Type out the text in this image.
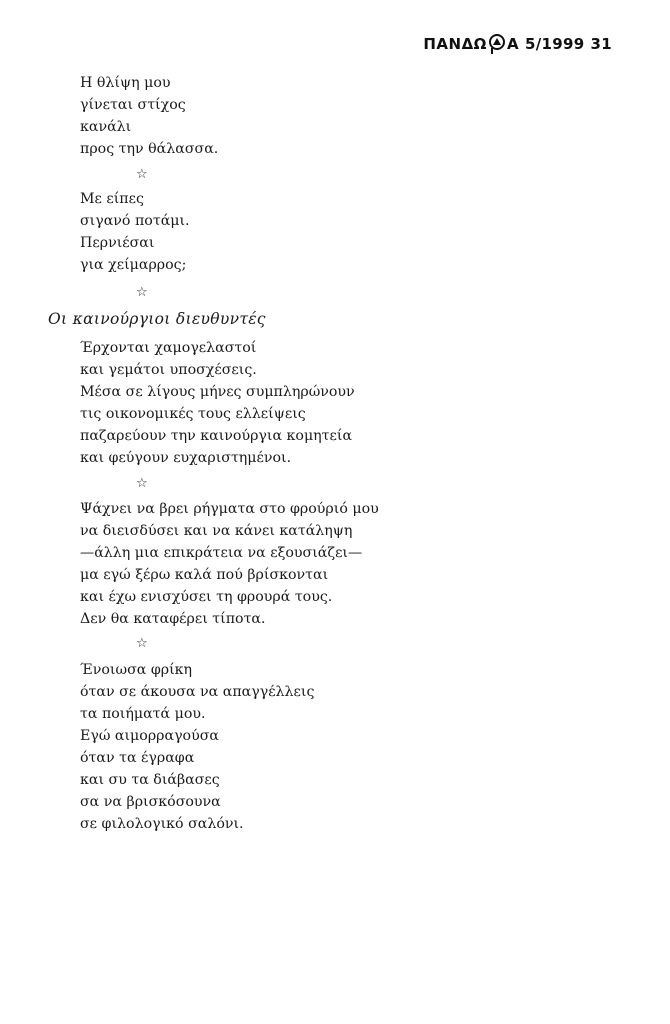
ΠΑΝΔΩ Α 5/1999 31
Η θλίψη μου
γίνεται στίχος
κανάλι
προς την θάλασσα.
☆
Με είπες
σιγανό ποτάμι.
Περνιέσαι
για χείμαρρος;
☆
Οι καινούργιοι διευθυντές
Έρχονται χαμογελαστοί
και γεμάτοι υποσχέσεις.
Μέσα σε λίγους μήνες συμπληρώνουν
τις οικονομικές τους ελλείψεις
παζαρεύουν την καινούργια κομητεία
και φεύγουν ευχαριστημένοι.
☆
Ψάχνει να βρει ρήγματα στο φρούριό μου
να διεισδύσει και να κάνει κατάληψη
—άλλη μια επικράτεια να εξουσιάζει—
μα εγώ ξέρω καλά πού βρίσκονται
και έχω ενισχύσει τη φρουρά τους.
Δεν θα καταφέρει τίποτα.
☆
Ένοιωσα φρίκη
όταν σε άκουσα να απαγγέλλεις
τα ποιήματά μου.
Εγώ αιμορραγούσα
όταν τα έγραφα
και συ τα διάβασες
σα να βρισκόσουνα
σε φιλολογικό σαλόνι.
